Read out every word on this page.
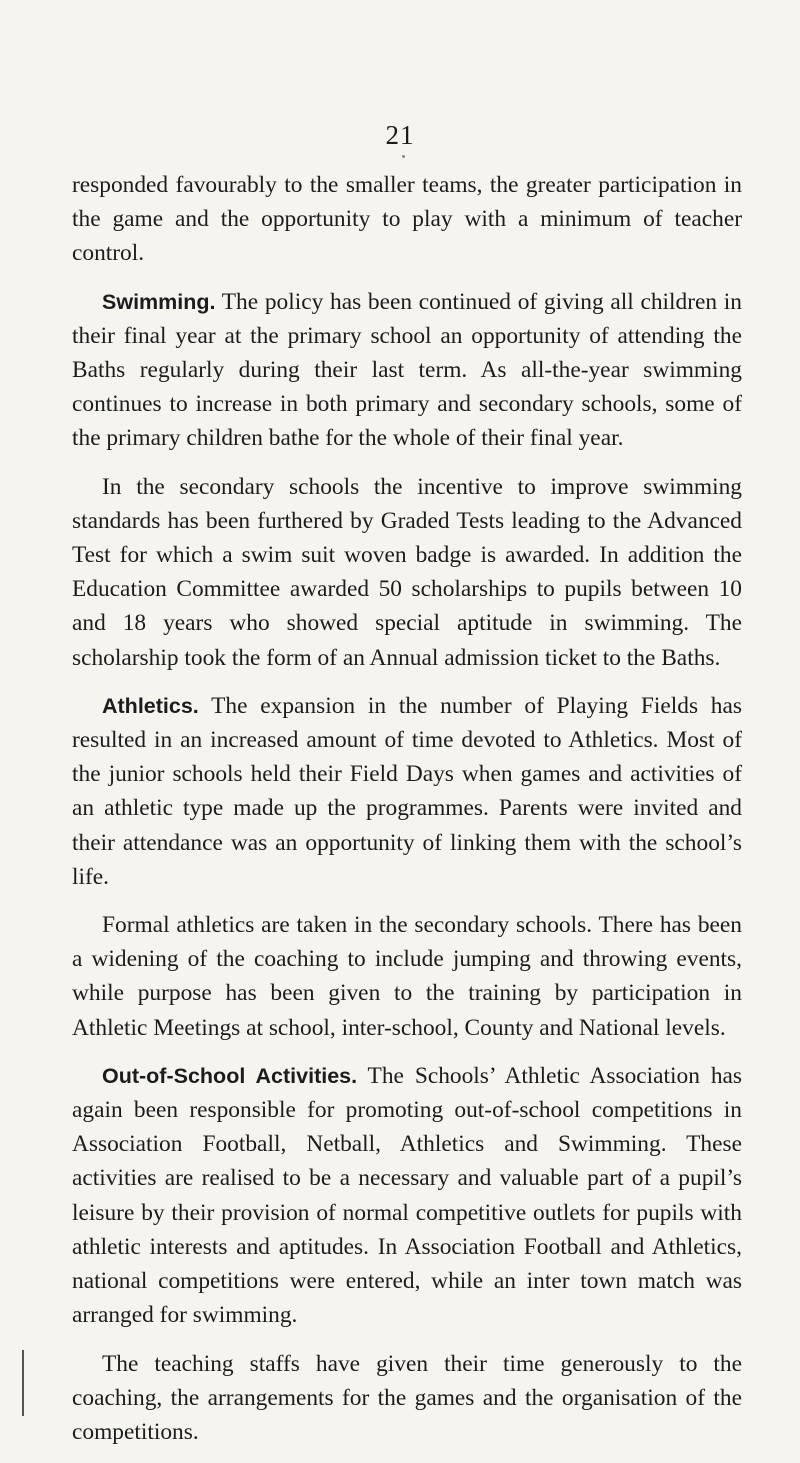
21

responded favourably to the smaller teams, the greater participation in the game and the opportunity to play with a minimum of teacher control.

Swimming. The policy has been continued of giving all children in their final year at the primary school an opportunity of attending the Baths regularly during their last term. As all-the-year swimming continues to increase in both primary and secondary schools, some of the primary children bathe for the whole of their final year.

In the secondary schools the incentive to improve swimming standards has been furthered by Graded Tests leading to the Advanced Test for which a swim suit woven badge is awarded. In addition the Education Committee awarded 50 scholarships to pupils between 10 and 18 years who showed special aptitude in swimming. The scholarship took the form of an Annual admission ticket to the Baths.

Athletics. The expansion in the number of Playing Fields has resulted in an increased amount of time devoted to Athletics. Most of the junior schools held their Field Days when games and activities of an athletic type made up the programmes. Parents were invited and their attendance was an opportunity of linking them with the school’s life.

Formal athletics are taken in the secondary schools. There has been a widening of the coaching to include jumping and throwing events, while purpose has been given to the training by participation in Athletic Meetings at school, inter-school, County and National levels.

Out-of-School Activities. The Schools’ Athletic Association has again been responsible for promoting out-of-school competitions in Association Football, Netball, Athletics and Swimming. These activities are realised to be a necessary and valuable part of a pupil’s leisure by their provision of normal competitive outlets for pupils with athletic interests and aptitudes. In Association Football and Athletics, national competitions were entered, while an inter town match was arranged for swimming.

The teaching staffs have given their time generously to the coaching, the arrangements for the games and the organisation of the competitions.
